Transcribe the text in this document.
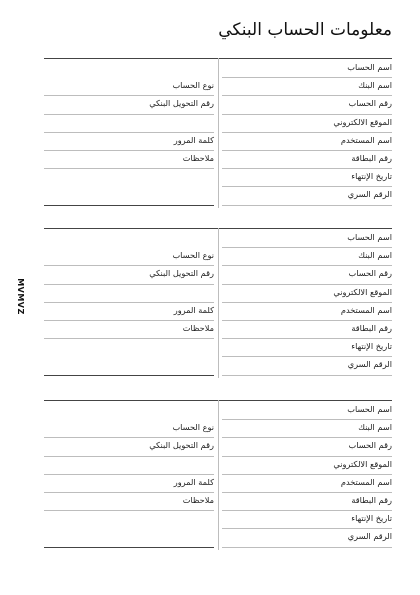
معلومات الحساب البنكي
MVMVZ
اسم الحساب
اسم البنك
رقم الحساب
الموقع الالكتروني
اسم المستخدم
رقم البطاقة
تاريخ الإنتهاء
الرقم السري
نوع الحساب
رقم التحويل البنكي
كلمة المرور
ملاحظات
اسم الحساب
اسم البنك
رقم الحساب
الموقع الالكتروني
اسم المستخدم
رقم البطاقة
تاريخ الإنتهاء
الرقم السري
نوع الحساب
رقم التحويل البنكي
كلمة المرور
ملاحظات
اسم الحساب
اسم البنك
رقم الحساب
الموقع الالكتروني
اسم المستخدم
رقم البطاقة
تاريخ الإنتهاء
الرقم السري
نوع الحساب
رقم التحويل البنكي
كلمة المرور
ملاحظات
